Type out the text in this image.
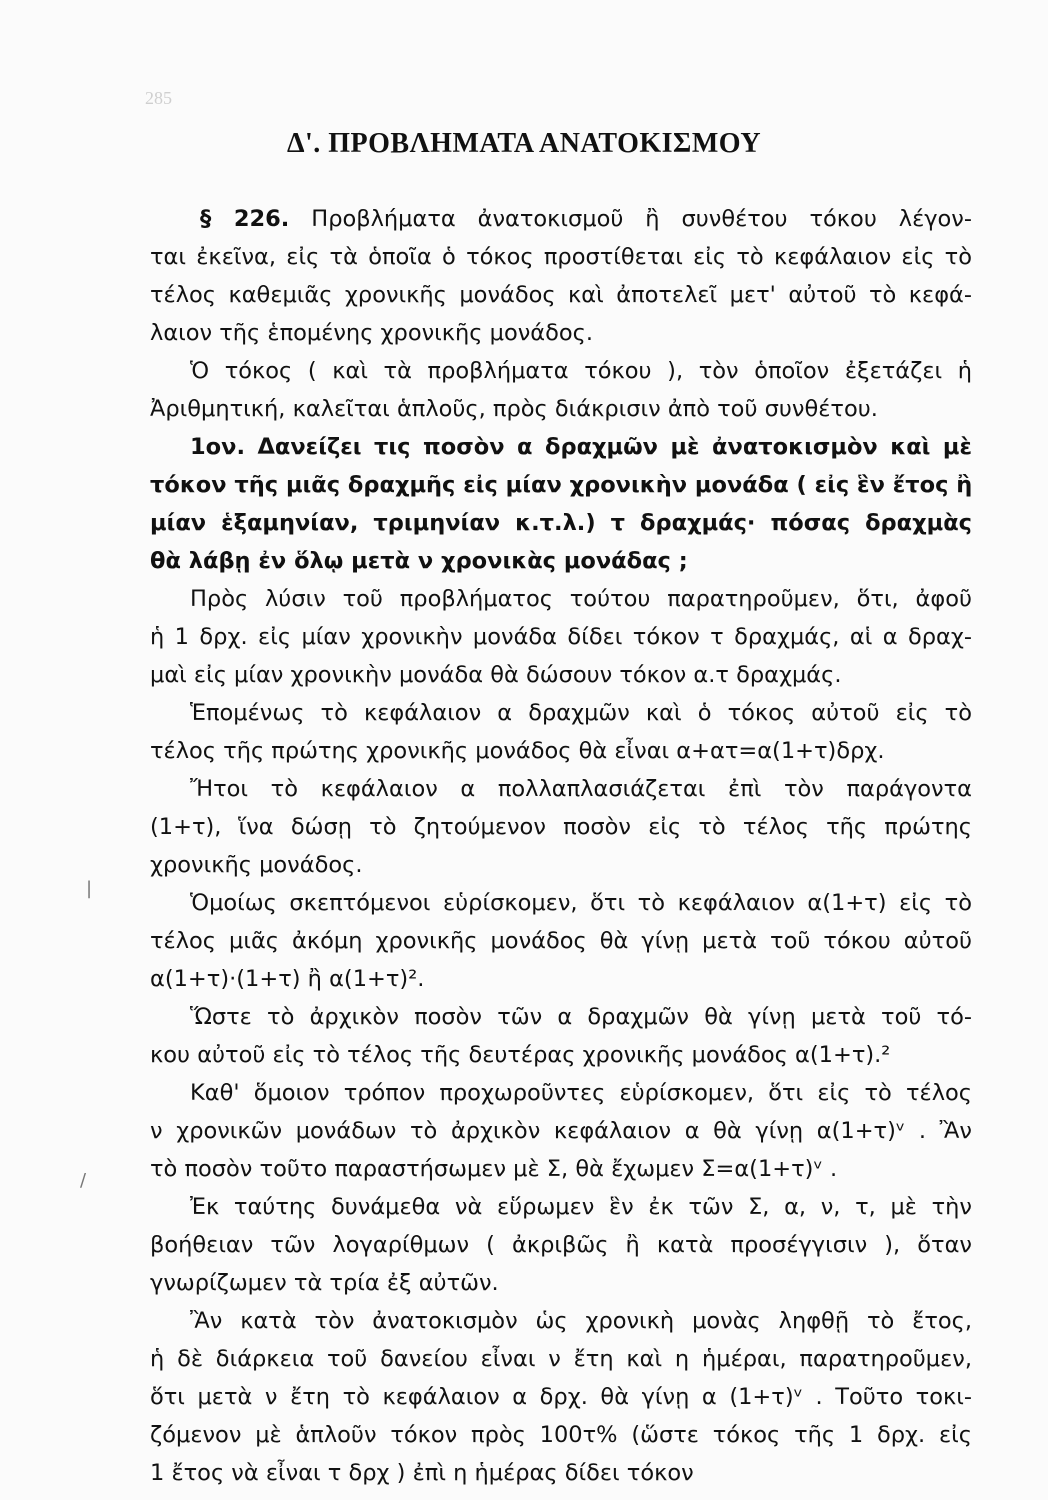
285
Δ'. ΠΡΟΒΛΗΜΑΤΑ ΑΝΑΤΟΚΙΣΜΟΥ
§ 226. Προβλήματα ἀνατοκισμοῦ ἢ συνθέτου τόκου λέγον-
ται ἐκεῖνα, εἰς τὰ ὁποῖα ὁ τόκος προστίθεται εἰς τὸ κεφάλαιον εἰς τὸ
τέλος καθεμιᾶς χρονικῆς μονάδος καὶ ἀποτελεῖ μετ' αὐτοῦ τὸ κεφά-
λαιον τῆς ἑπομένης χρονικῆς μονάδος.
Ὁ τόκος ( καὶ τὰ προβλήματα τόκου ), τὸν ὁποῖον ἐξετάζει ἡ
Ἀριθμητική, καλεῖται ἁπλοῦς, πρὸς διάκρισιν ἀπὸ τοῦ συνθέτου.
1ον. Δανείζει τις ποσὸν α δραχμῶν μὲ ἀνατοκισμὸν καὶ μὲ
τόκον τῆς μιᾶς δραχμῆς εἰς μίαν χρονικὴν μονάδα ( εἰς ἓν ἔτος ἢ
μίαν ἑξαμηνίαν, τριμηνίαν κ.τ.λ.) τ δραχμάς· πόσας δραχμὰς
θὰ λάβῃ ἐν ὅλῳ μετὰ ν χρονικὰς μονάδας ;
Πρὸς λύσιν τοῦ προβλήματος τούτου παρατηροῦμεν, ὅτι, ἀφοῦ
ἡ 1 δρχ. εἰς μίαν χρονικὴν μονάδα δίδει τόκον τ δραχμάς, αἱ α δραχ-
μαὶ εἰς μίαν χρονικὴν μονάδα θὰ δώσουν τόκον α.τ δραχμάς.
Ἑπομένως τὸ κεφάλαιον α δραχμῶν καὶ ὁ τόκος αὐτοῦ εἰς τὸ
τέλος τῆς πρώτης χρονικῆς μονάδος θὰ εἶναι α+ατ=α(1+τ)δρχ.
Ἤτοι τὸ κεφάλαιον α πολλαπλασιάζεται ἐπὶ τὸν παράγοντα
(1+τ), ἵνα δώσῃ τὸ ζητούμενον ποσὸν εἰς τὸ τέλος τῆς πρώτης
χρονικῆς μονάδος.
Ὁμοίως σκεπτόμενοι εὑρίσκομεν, ὅτι τὸ κεφάλαιον α(1+τ) εἰς τὸ
τέλος μιᾶς ἀκόμη χρονικῆς μονάδος θὰ γίνῃ μετὰ τοῦ τόκου αὐτοῦ
α(1+τ)·(1+τ) ἢ α(1+τ)².
Ὥστε τὸ ἀρχικὸν ποσὸν τῶν α δραχμῶν θὰ γίνῃ μετὰ τοῦ τό-
κου αὐτοῦ εἰς τὸ τέλος τῆς δευτέρας χρονικῆς μονάδος α(1+τ).²
Καθ' ὅμοιον τρόπον προχωροῦντες εὑρίσκομεν, ὅτι εἰς τὸ τέλος
ν χρονικῶν μονάδων τὸ ἀρχικὸν κεφάλαιον α θὰ γίνῃ α(1+τ)ᵛ . Ἂν
τὸ ποσὸν τοῦτο παραστήσωμεν μὲ Σ, θὰ ἔχωμεν Σ=α(1+τ)ᵛ .
Ἐκ ταύτης δυνάμεθα νὰ εὕρωμεν ἓν ἐκ τῶν Σ, α, ν, τ, μὲ τὴν
βοήθειαν τῶν λογαρίθμων ( ἀκριβῶς ἢ κατὰ προσέγγισιν ), ὅταν
γνωρίζωμεν τὰ τρία ἐξ αὐτῶν.
Ἂν κατὰ τὸν ἀνατοκισμὸν ὡς χρονικὴ μονὰς ληφθῇ τὸ ἔτος,
ἡ δὲ διάρκεια τοῦ δανείου εἶναι ν ἔτη καὶ η ἡμέραι, παρατηροῦμεν,
ὅτι μετὰ ν ἔτη τὸ κεφάλαιον α δρχ. θὰ γίνῃ α (1+τ)ᵛ . Τοῦτο τοκι-
ζόμενον μὲ ἁπλοῦν τόκον πρὸς 100τ% (ὥστε τόκος τῆς 1 δρχ. εἰς
1 ἔτος νὰ εἶναι τ δρχ ) ἐπὶ η ἡμέρας δίδει τόκον
|
/
